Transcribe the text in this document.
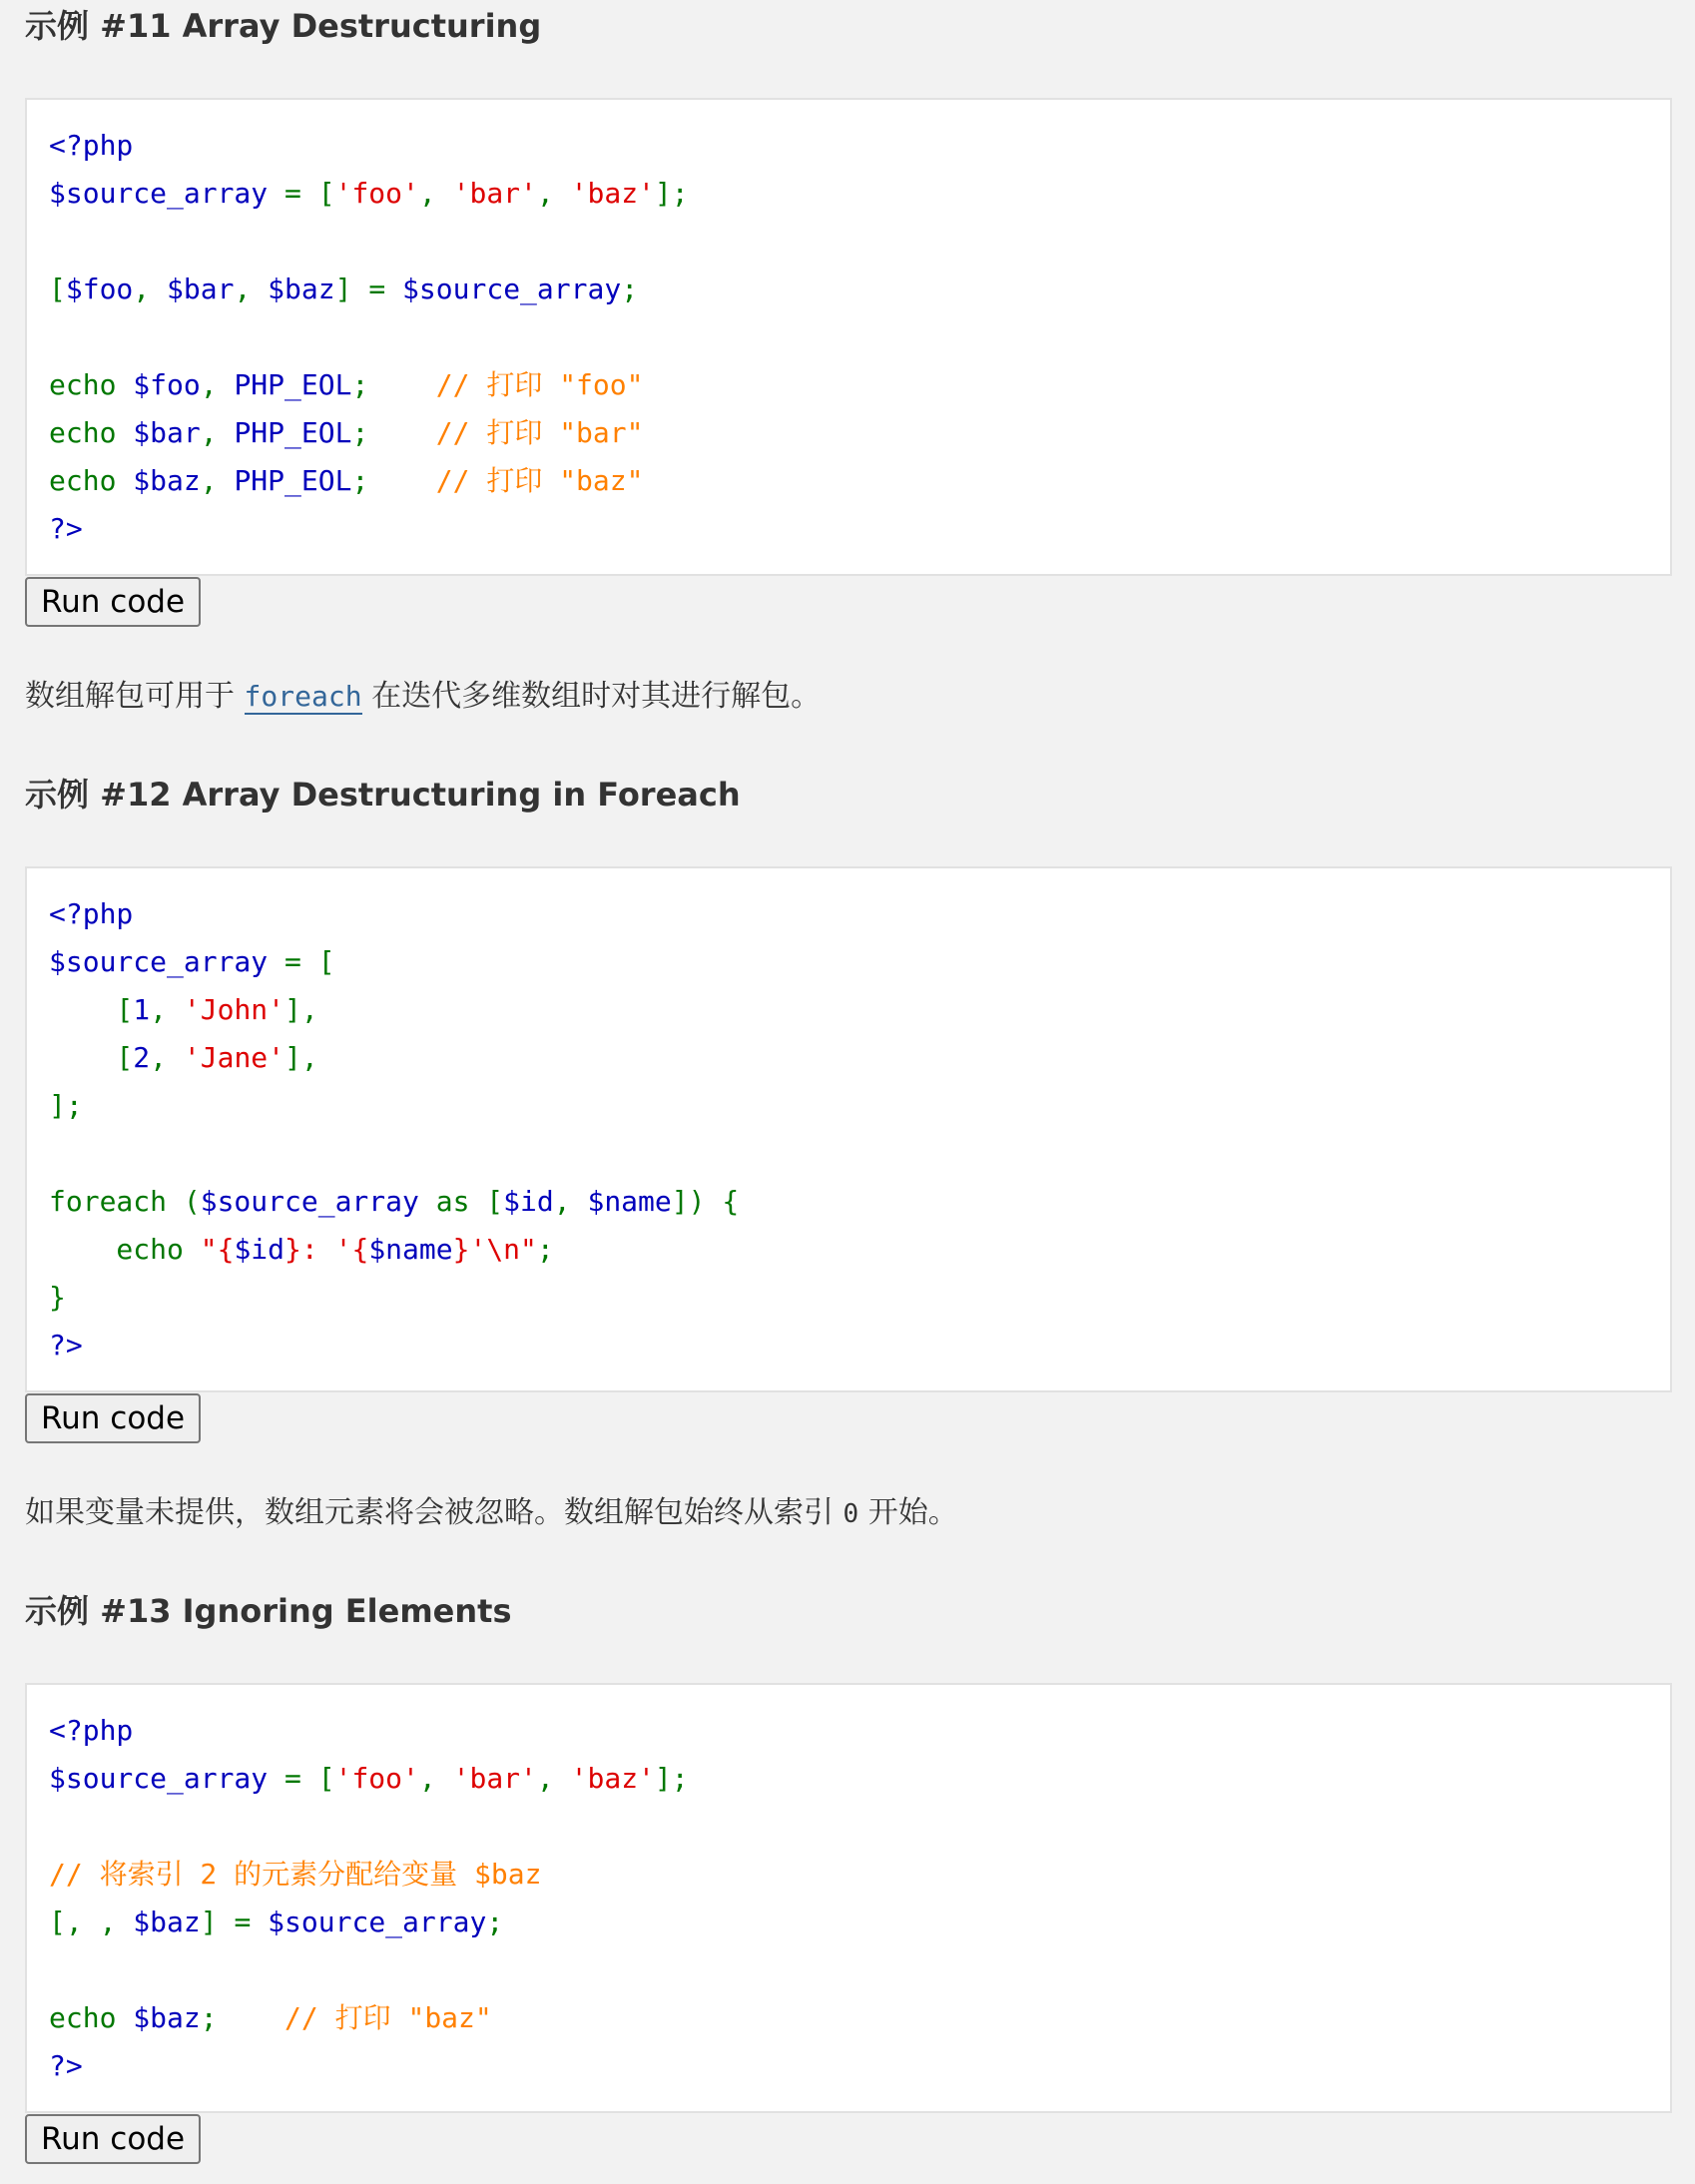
示例 #11 Array Destructuring
<?php
$source_array = ['foo', 'bar', 'baz'];

[$foo, $bar, $baz] = $source_array;

echo $foo, PHP_EOL;    // 打印 "foo"
echo $bar, PHP_EOL;    // 打印 "bar"
echo $baz, PHP_EOL;    // 打印 "baz"
?>
Run code

数组解包可用于 foreach 在迭代多维数组时对其进行解包。

示例 #12 Array Destructuring in Foreach
<?php
$source_array = [
[1, 'John'],
[2, 'Jane'],
];

foreach ($source_array as [$id, $name]) {
echo "{$id}: '{$name}'\n";
}
?>
Run code

如果变量未提供，数组元素将会被忽略。数组解包始终从索引 0 开始。

示例 #13 Ignoring Elements
<?php
$source_array = ['foo', 'bar', 'baz'];

// 将索引 2 的元素分配给变量 $baz
[, , $baz] = $source_array;

echo $baz;    // 打印 "baz"
?>
Run code
